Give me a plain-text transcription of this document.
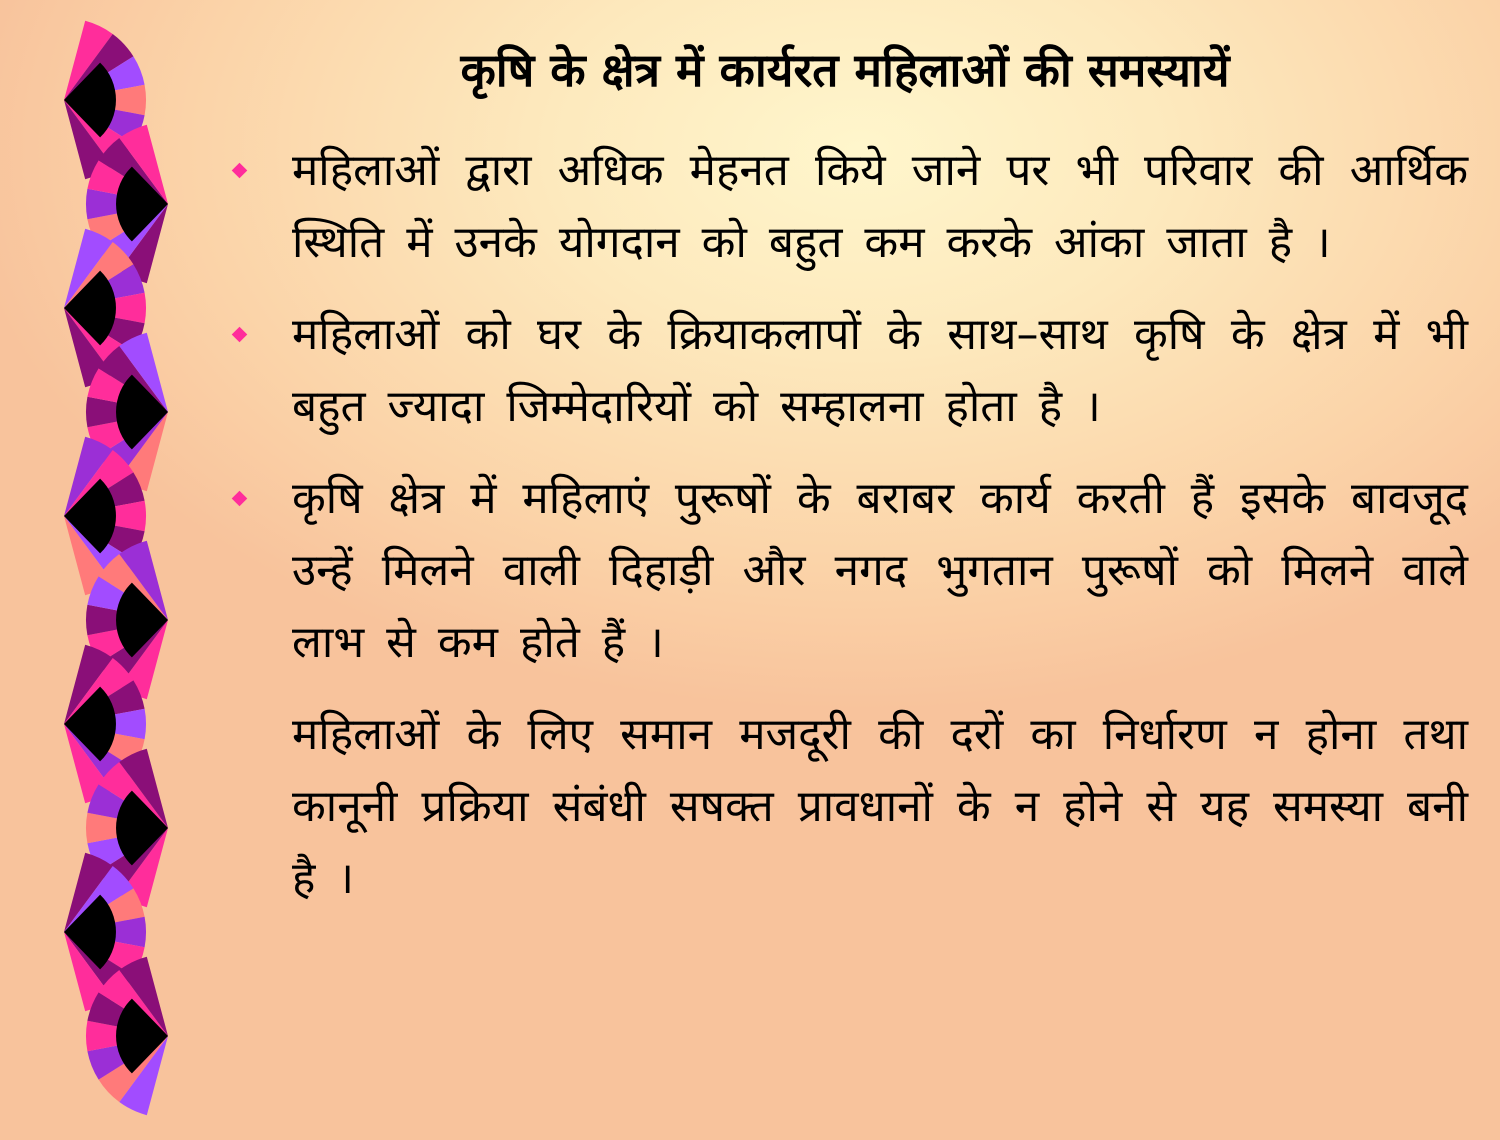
कृषि के क्षेत्र में कार्यरत महिलाओं की समस्यायें

महिलाओं द्वारा अधिक मेहनत किये जाने पर भी परिवार की आर्थिक स्थिति में उनके योगदान को बहुत कम करके आंका जाता है ।

महिलाओं को घर के क्रियाकलापों के साथ–साथ कृषि के क्षेत्र में भी बहुत ज्यादा जिम्मेदारियों को सम्हालना होता है ।

कृषि क्षेत्र में महिलाएं पुरूषों के बराबर कार्य करती हैं इसके बावजूद उन्हें मिलने वाली दिहाड़ी और नगद भुगतान पुरूषों को मिलने वाले लाभ से कम होते हैं ।

महिलाओं के लिए समान मजदूरी की दरों का निर्धारण न होना तथा कानूनी प्रक्रिया संबंधी सषक्त प्रावधानों के न होने से यह समस्या बनी है ।
